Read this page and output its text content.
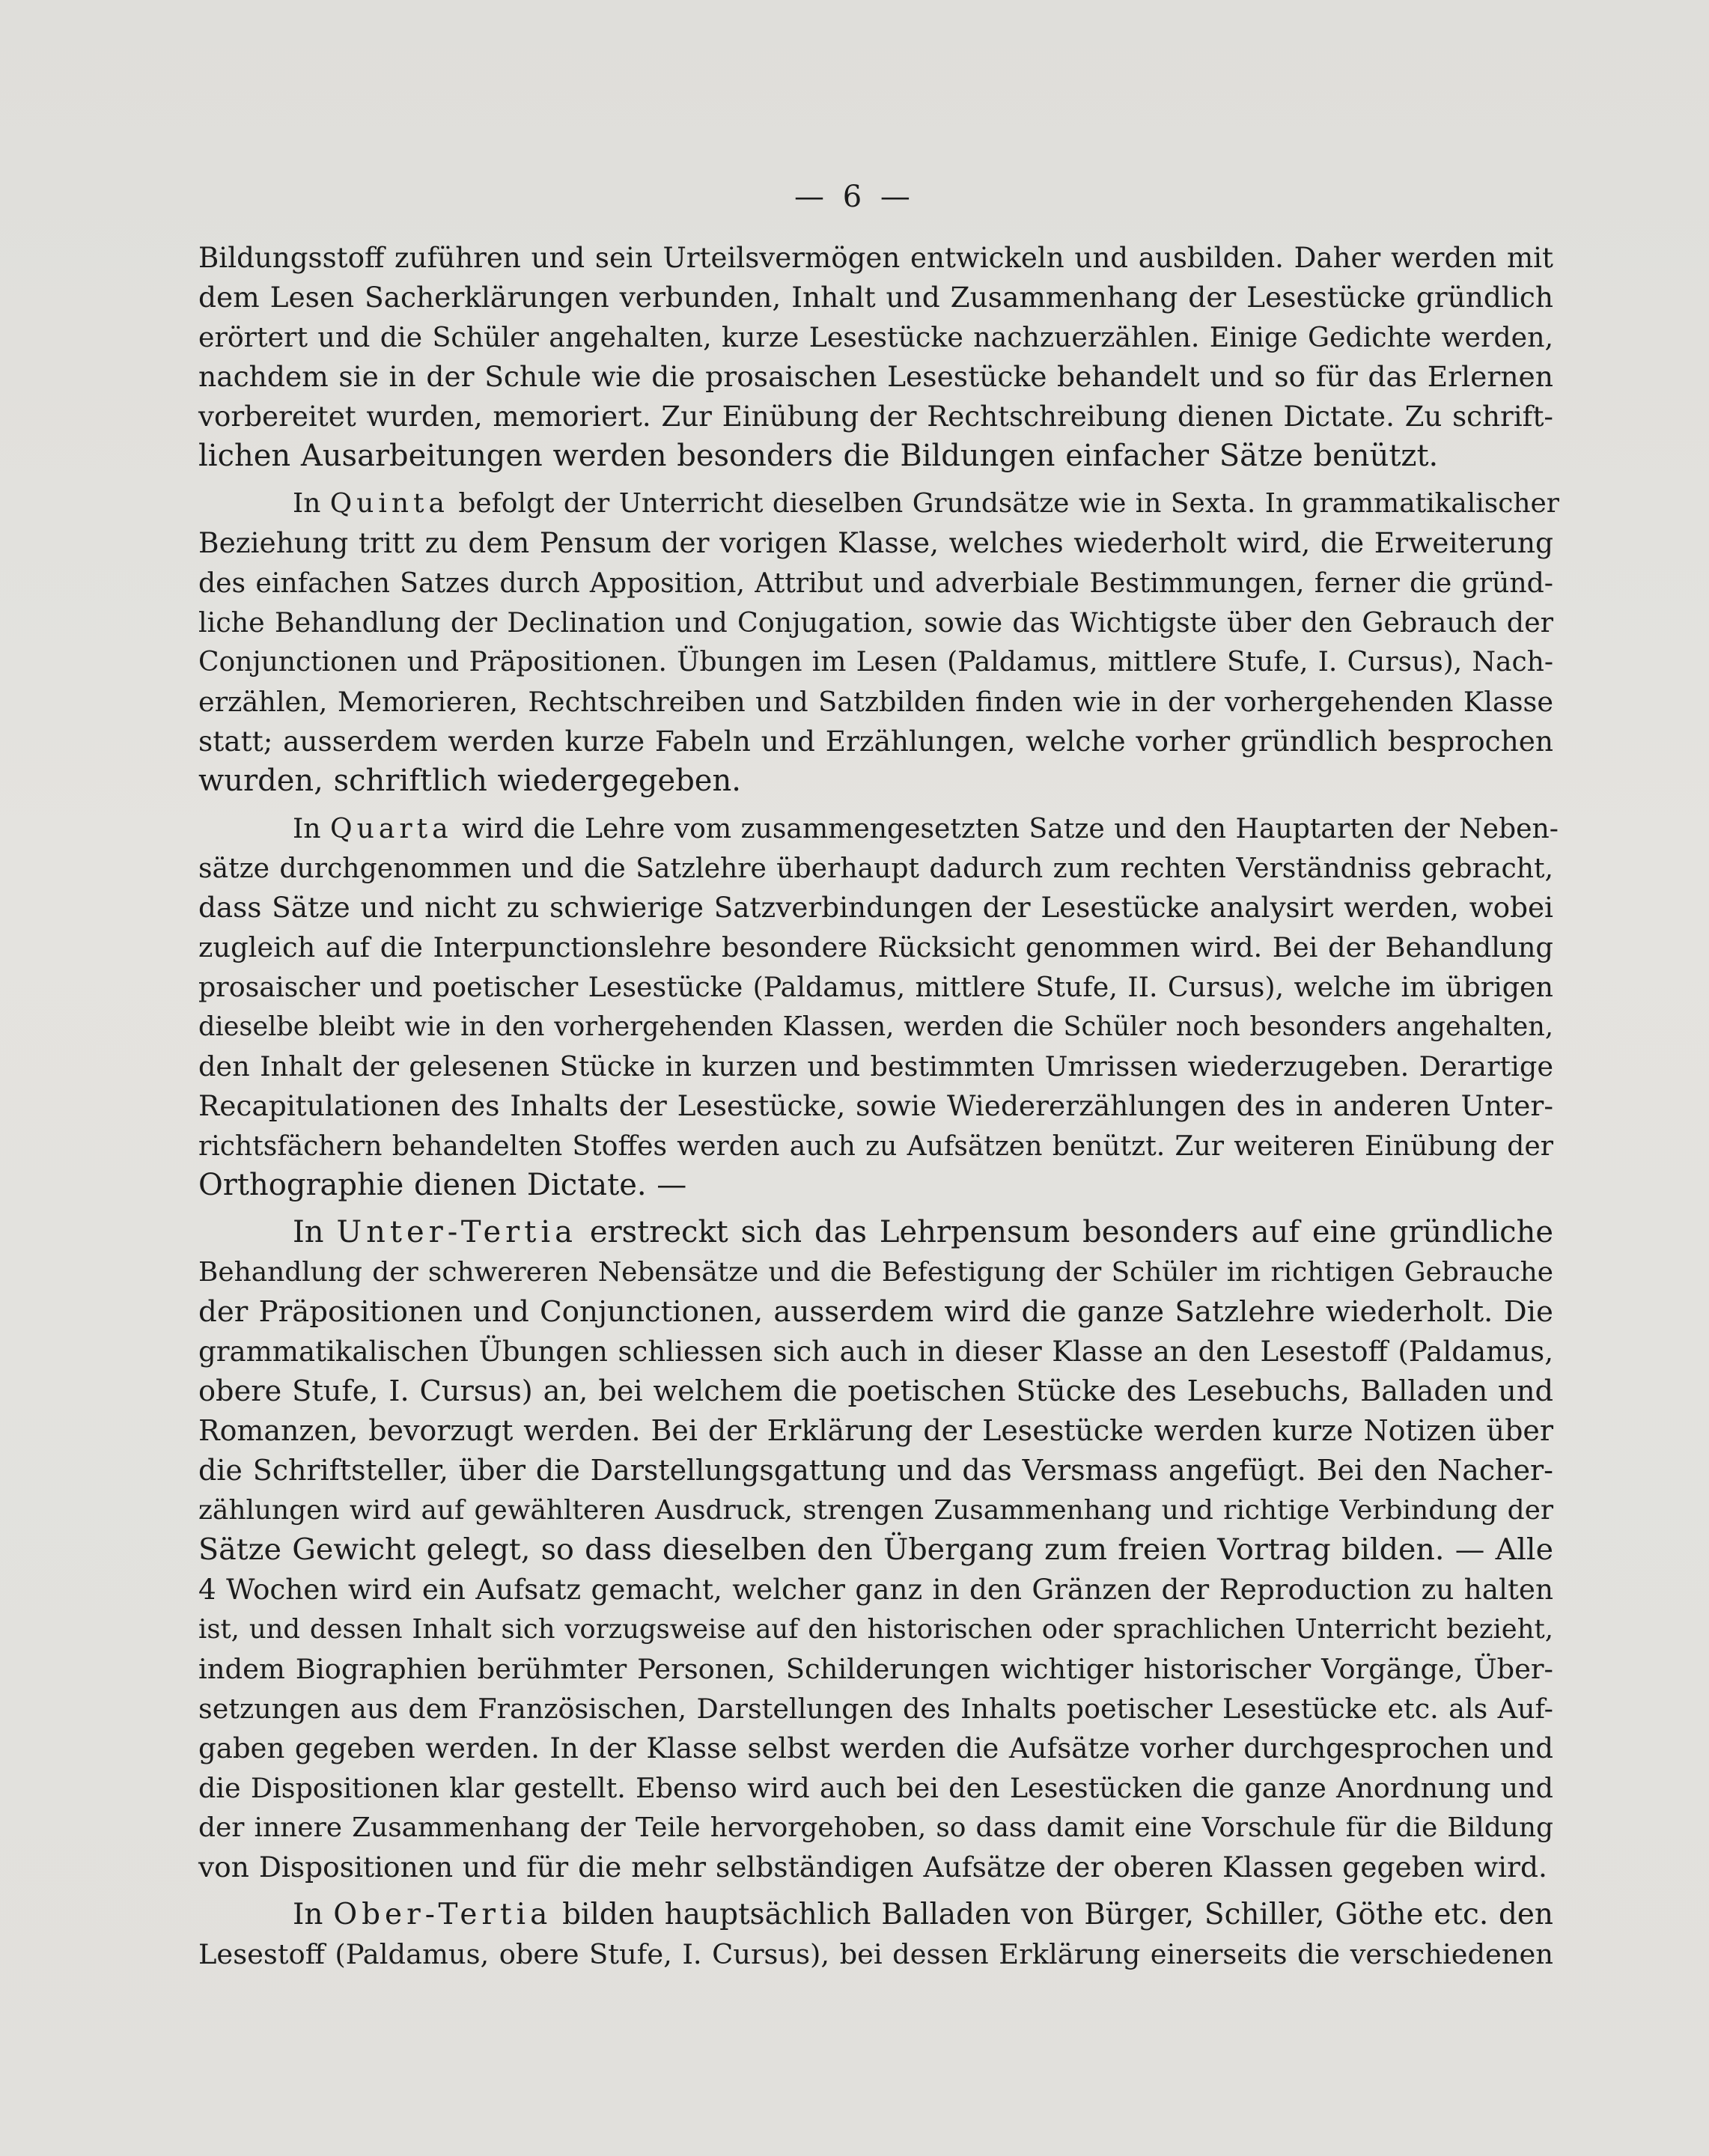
— 6 —
Bildungsstoff zuführen und sein Urteilsvermögen entwickeln und ausbilden. Daher werden mit
dem Lesen Sacherklärungen verbunden, Inhalt und Zusammenhang der Lesestücke gründlich
erörtert und die Schüler angehalten, kurze Lesestücke nachzuerzählen. Einige Gedichte werden,
nachdem sie in der Schule wie die prosaischen Lesestücke behandelt und so für das Erlernen
vorbereitet wurden, memoriert. Zur Einübung der Rechtschreibung dienen Dictate. Zu schrift-
lichen Ausarbeitungen werden besonders die Bildungen einfacher Sätze benützt.
In Quinta befolgt der Unterricht dieselben Grundsätze wie in Sexta. In grammatikalischer
Beziehung tritt zu dem Pensum der vorigen Klasse, welches wiederholt wird, die Erweiterung
des einfachen Satzes durch Apposition, Attribut und adverbiale Bestimmungen, ferner die gründ-
liche Behandlung der Declination und Conjugation, sowie das Wichtigste über den Gebrauch der
Conjunctionen und Präpositionen. Übungen im Lesen (Paldamus, mittlere Stufe, I. Cursus), Nach-
erzählen, Memorieren, Rechtschreiben und Satzbilden finden wie in der vorhergehenden Klasse
statt; ausserdem werden kurze Fabeln und Erzählungen, welche vorher gründlich besprochen
wurden, schriftlich wiedergegeben.
In Quarta wird die Lehre vom zusammengesetzten Satze und den Hauptarten der Neben-
sätze durchgenommen und die Satzlehre überhaupt dadurch zum rechten Verständniss gebracht,
dass Sätze und nicht zu schwierige Satzverbindungen der Lesestücke analysirt werden, wobei
zugleich auf die Interpunctionslehre besondere Rücksicht genommen wird. Bei der Behandlung
prosaischer und poetischer Lesestücke (Paldamus, mittlere Stufe, II. Cursus), welche im übrigen
dieselbe bleibt wie in den vorhergehenden Klassen, werden die Schüler noch besonders angehalten,
den Inhalt der gelesenen Stücke in kurzen und bestimmten Umrissen wiederzugeben. Derartige
Recapitulationen des Inhalts der Lesestücke, sowie Wiedererzählungen des in anderen Unter-
richtsfächern behandelten Stoffes werden auch zu Aufsätzen benützt. Zur weiteren Einübung der
Orthographie dienen Dictate. —
In Unter-Tertia erstreckt sich das Lehrpensum besonders auf eine gründliche
Behandlung der schwereren Nebensätze und die Befestigung der Schüler im richtigen Gebrauche
der Präpositionen und Conjunctionen, ausserdem wird die ganze Satzlehre wiederholt. Die
grammatikalischen Übungen schliessen sich auch in dieser Klasse an den Lesestoff (Paldamus,
obere Stufe, I. Cursus) an, bei welchem die poetischen Stücke des Lesebuchs, Balladen und
Romanzen, bevorzugt werden. Bei der Erklärung der Lesestücke werden kurze Notizen über
die Schriftsteller, über die Darstellungsgattung und das Versmass angefügt. Bei den Nacher-
zählungen wird auf gewählteren Ausdruck, strengen Zusammenhang und richtige Verbindung der
Sätze Gewicht gelegt, so dass dieselben den Übergang zum freien Vortrag bilden. — Alle
4 Wochen wird ein Aufsatz gemacht, welcher ganz in den Gränzen der Reproduction zu halten
ist, und dessen Inhalt sich vorzugsweise auf den historischen oder sprachlichen Unterricht bezieht,
indem Biographien berühmter Personen, Schilderungen wichtiger historischer Vorgänge, Über-
setzungen aus dem Französischen, Darstellungen des Inhalts poetischer Lesestücke etc. als Auf-
gaben gegeben werden. In der Klasse selbst werden die Aufsätze vorher durchgesprochen und
die Dispositionen klar gestellt. Ebenso wird auch bei den Lesestücken die ganze Anordnung und
der innere Zusammenhang der Teile hervorgehoben, so dass damit eine Vorschule für die Bildung
von Dispositionen und für die mehr selbständigen Aufsätze der oberen Klassen gegeben wird.
In Ober-Tertia bilden hauptsächlich Balladen von Bürger, Schiller, Göthe etc. den
Lesestoff (Paldamus, obere Stufe, I. Cursus), bei dessen Erklärung einerseits die verschiedenen
